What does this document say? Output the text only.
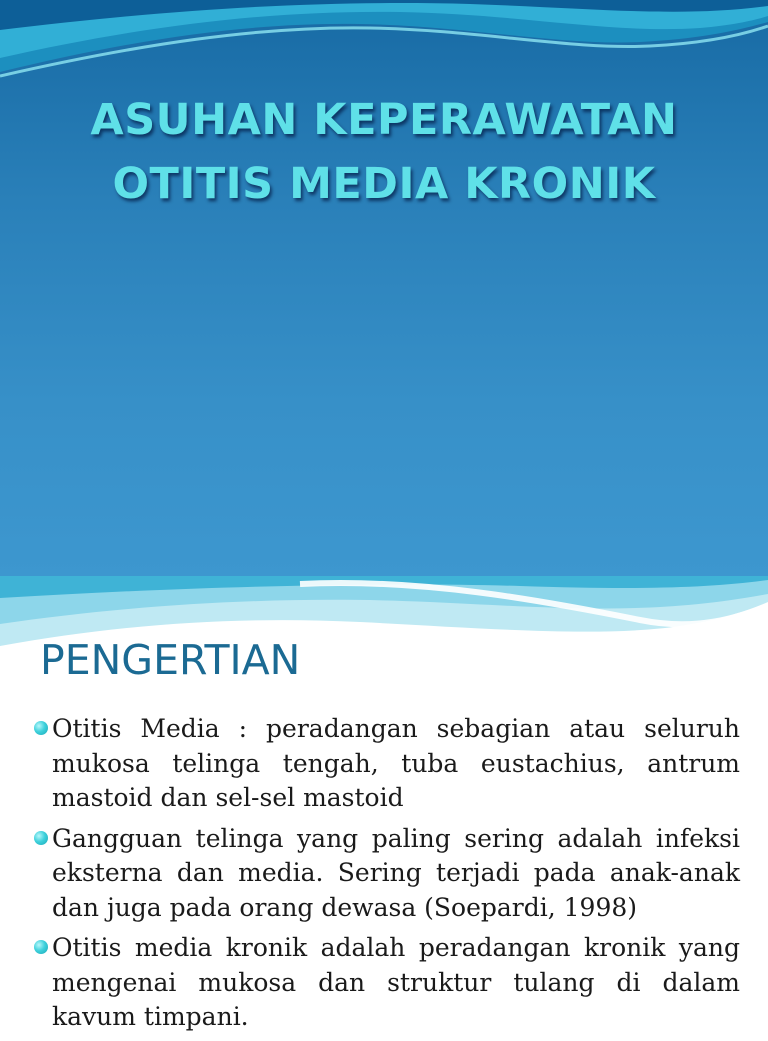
ASUHAN KEPERAWATAN
OTITIS MEDIA KRONIK
PENGERTIAN
Otitis Media : peradangan sebagian atau seluruh mukosa telinga tengah, tuba eustachius, antrum mastoid dan sel-sel mastoid
Gangguan telinga yang paling sering adalah infeksi eksterna dan media. Sering terjadi pada anak-anak dan juga pada orang dewasa (Soepardi, 1998)
Otitis media kronik adalah peradangan kronik yang mengenai mukosa dan struktur tulang di dalam kavum timpani.
